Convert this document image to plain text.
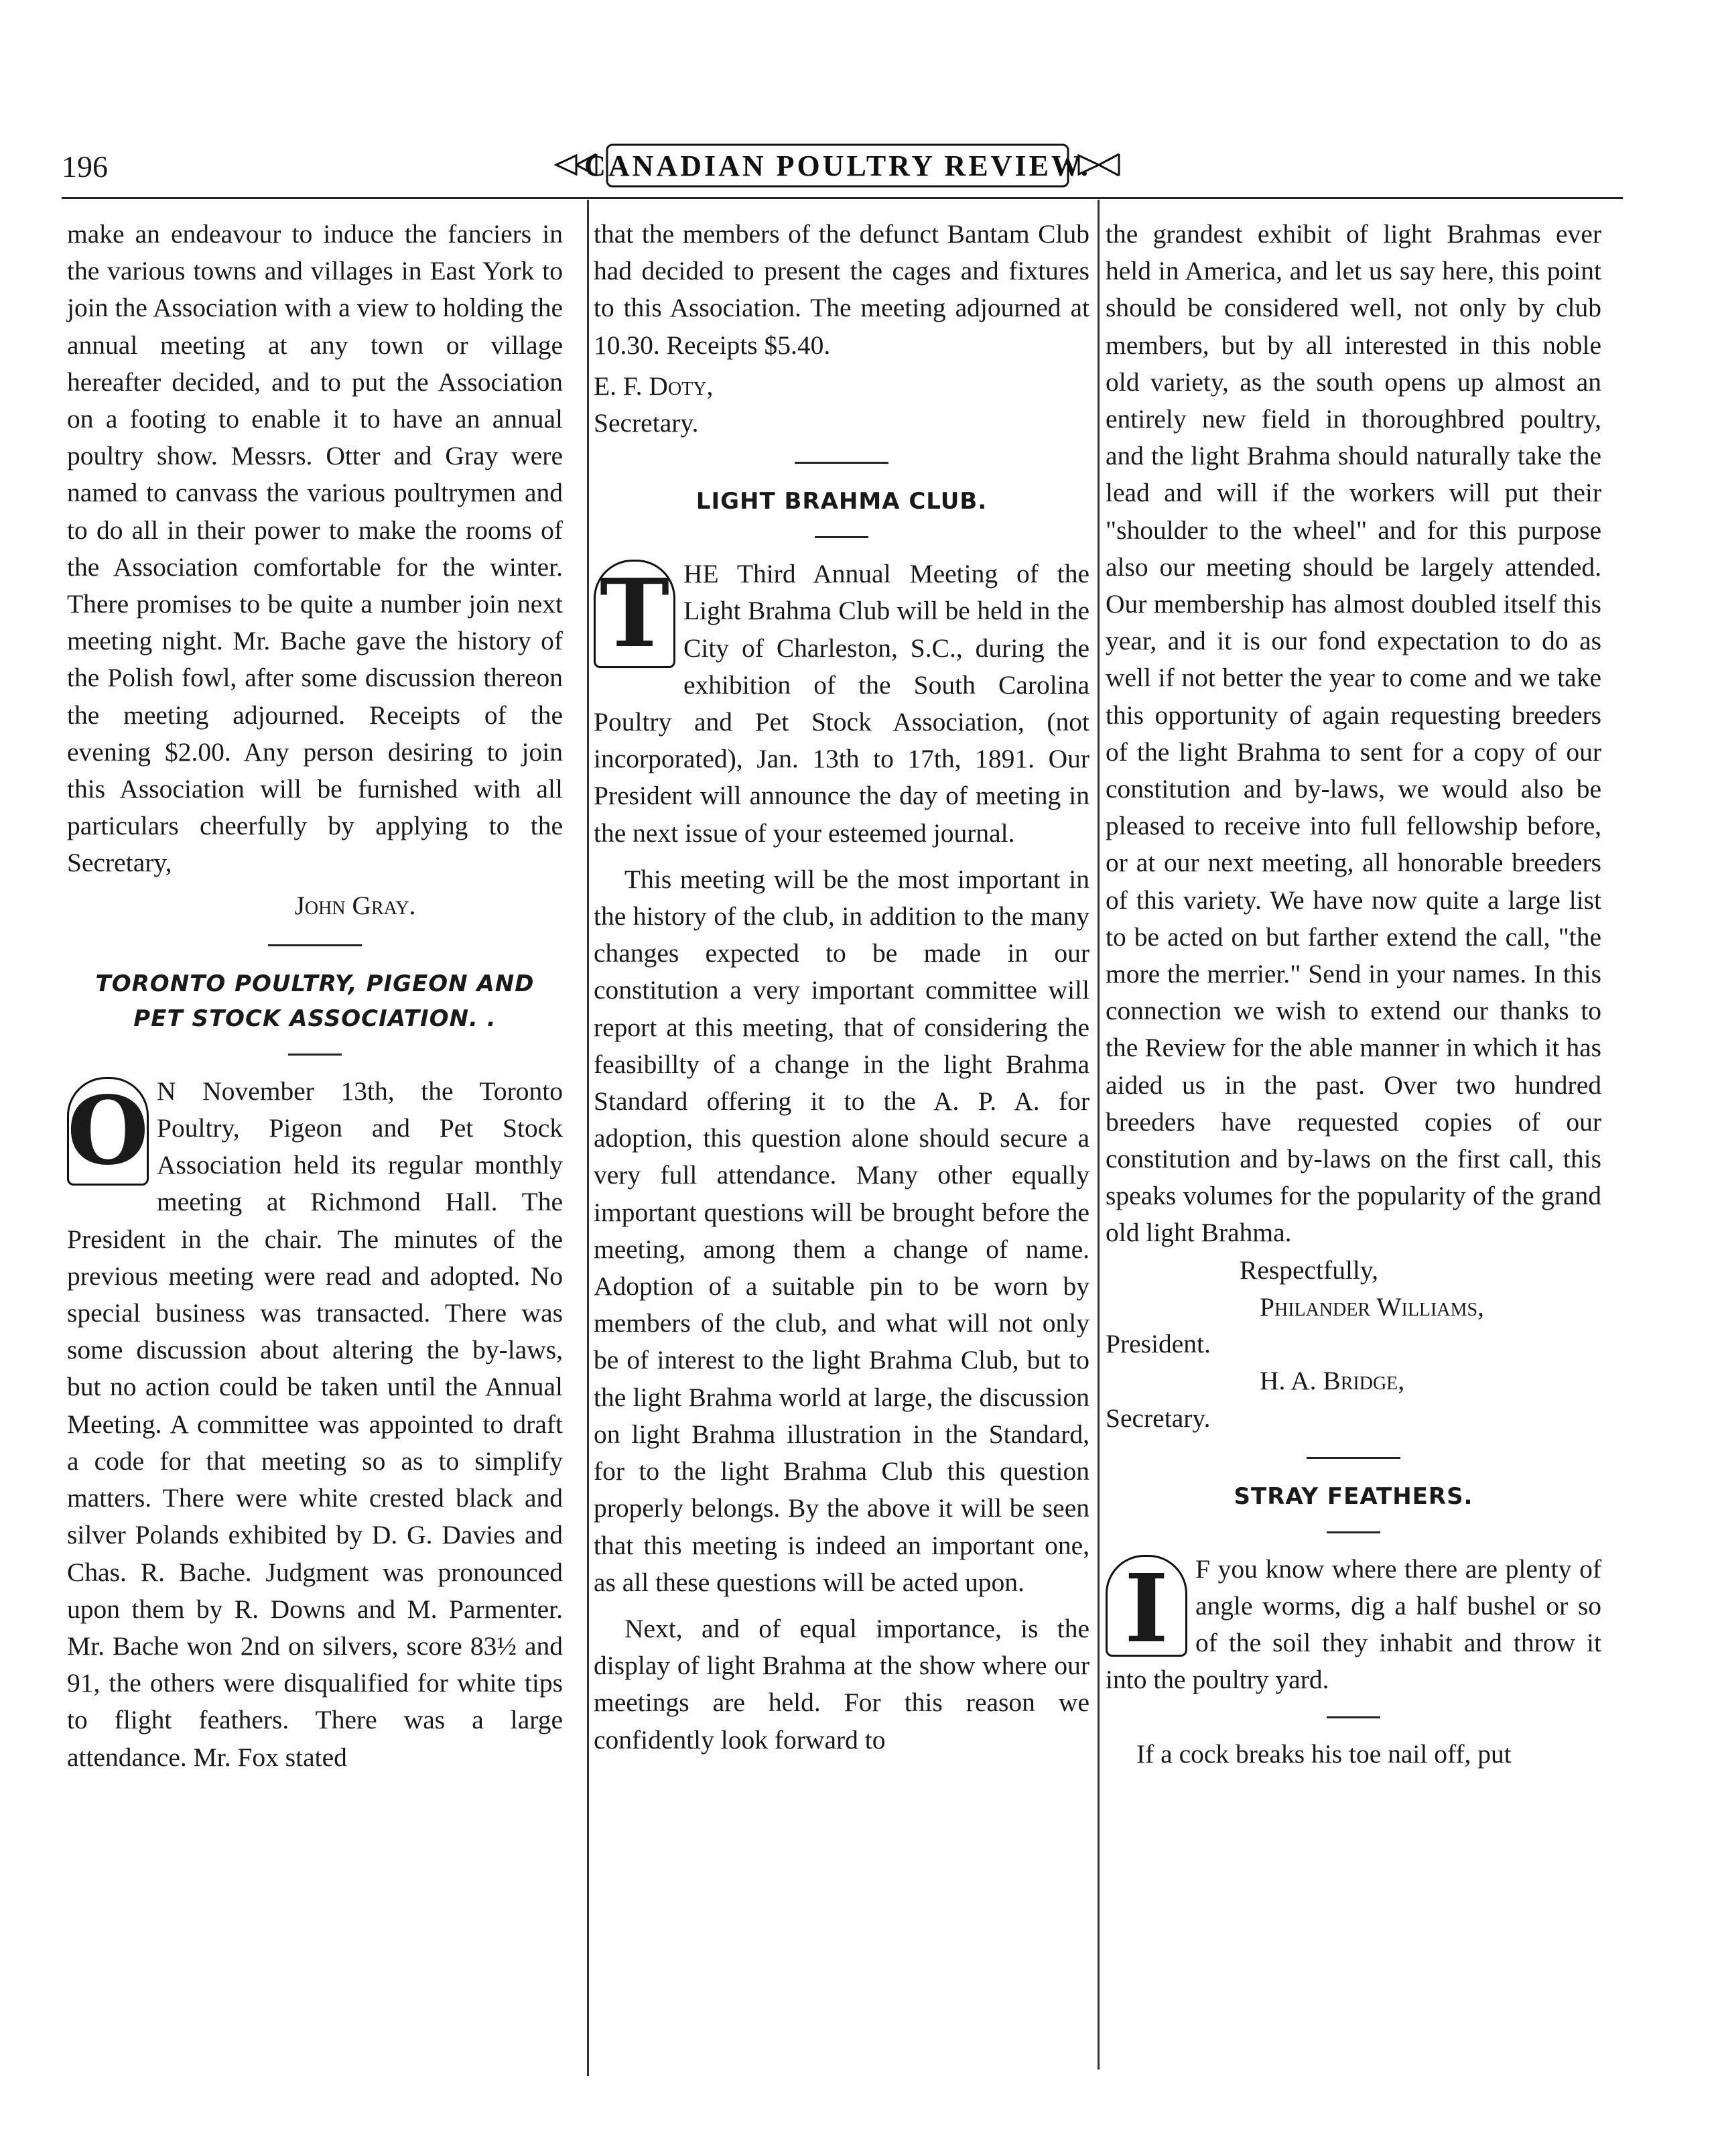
196	CANADIAN POULTRY REVIEW.

make an endeavour to induce the fanciers in the various towns and villages in East York to join the Association with a view to holding the annual meeting at any town or village hereafter decided, and to put the Association on a footing to enable it to have an annual poultry show. Messrs. Otter and Gray were named to canvass the various poultrymen and to do all in their power to make the rooms of the Association comfortable for the winter. There promises to be quite a number join next meeting night. Mr. Bache gave the history of the Polish fowl, after some discussion thereon the meeting adjourned. Receipts of the evening $2.00. Any person desiring to join this Association will be furnished with all particulars cheerfully by applying to the Secretary,

John Gray.

TORONTO POULTRY, PIGEON AND PET STOCK ASSOCIATION. .

O N November 13th, the Toronto Poultry, Pigeon and Pet Stock Association held its regular monthly meeting at Richmond Hall. The President in the chair. The minutes of the previous meeting were read and adopted. No special business was transacted. There was some discussion about altering the by-laws, but no action could be taken until the Annual Meeting. A committee was appointed to draft a code for that meeting so as to simplify matters. There were white crested black and silver Polands exhibited by D. G. Davies and Chas. R. Bache. Judgment was pronounced upon them by R. Downs and M. Parmenter. Mr. Bache won 2nd on silvers, score 83½ and 91, the others were disqualified for white tips to flight feathers. There was a large attendance. Mr. Fox stated

that the members of the defunct Bantam Club had decided to present the cages and fixtures to this Association. The meeting adjourned at 10.30. Receipts $5.40.

E. F. Doty,

Secretary.

LIGHT BRAHMA CLUB.

T HE Third Annual Meeting of the Light Brahma Club will be held in the City of Charleston, S.C., during the exhibition of the South Carolina Poultry and Pet Stock Association, (not incorporated), Jan. 13th to 17th, 1891. Our President will announce the day of meeting in the next issue of your esteemed journal.

This meeting will be the most important in the history of the club, in addition to the many changes expected to be made in our constitution a very important committee will report at this meeting, that of considering the feasibillty of a change in the light Brahma Standard offering it to the A. P. A. for adoption, this question alone should secure a very full attendance. Many other equally important questions will be brought before the meeting, among them a change of name. Adoption of a suitable pin to be worn by members of the club, and what will not only be of interest to the light Brahma Club, but to the light Brahma world at large, the discussion on light Brahma illustration in the Standard, for to the light Brahma Club this question properly belongs. By the above it will be seen that this meeting is indeed an important one, as all these questions will be acted upon.

Next, and of equal importance, is the display of light Brahma at the show where our meetings are held. For this reason we confidently look forward to

the grandest exhibit of light Brahmas ever held in America, and let us say here, this point should be considered well, not only by club members, but by all interested in this noble old variety, as the south opens up almost an entirely new field in thoroughbred poultry, and the light Brahma should naturally take the lead and will if the workers will put their "shoulder to the wheel" and for this purpose also our meeting should be largely attended. Our membership has almost doubled itself this year, and it is our fond expectation to do as well if not better the year to come and we take this opportunity of again requesting breeders of the light Brahma to sent for a copy of our constitution and by-laws, we would also be pleased to receive into full fellowship before, or at our next meeting, all honorable breeders of this variety. We have now quite a large list to be acted on but farther extend the call, "the more the merrier." Send in your names. In this connection we wish to extend our thanks to the Review for the able manner in which it has aided us in the past. Over two hundred breeders have requested copies of our constitution and by-laws on the first call, this speaks volumes for the popularity of the grand old light Brahma.

Respectfully,

Philander Williams,

President.

H. A. Bridge,

Secretary.

STRAY FEATHERS.

I	F you know where there are plenty of angle worms, dig a half bushel or so of the soil they inhabit and throw it into the poultry yard.

If a cock breaks his toe nail off, put
